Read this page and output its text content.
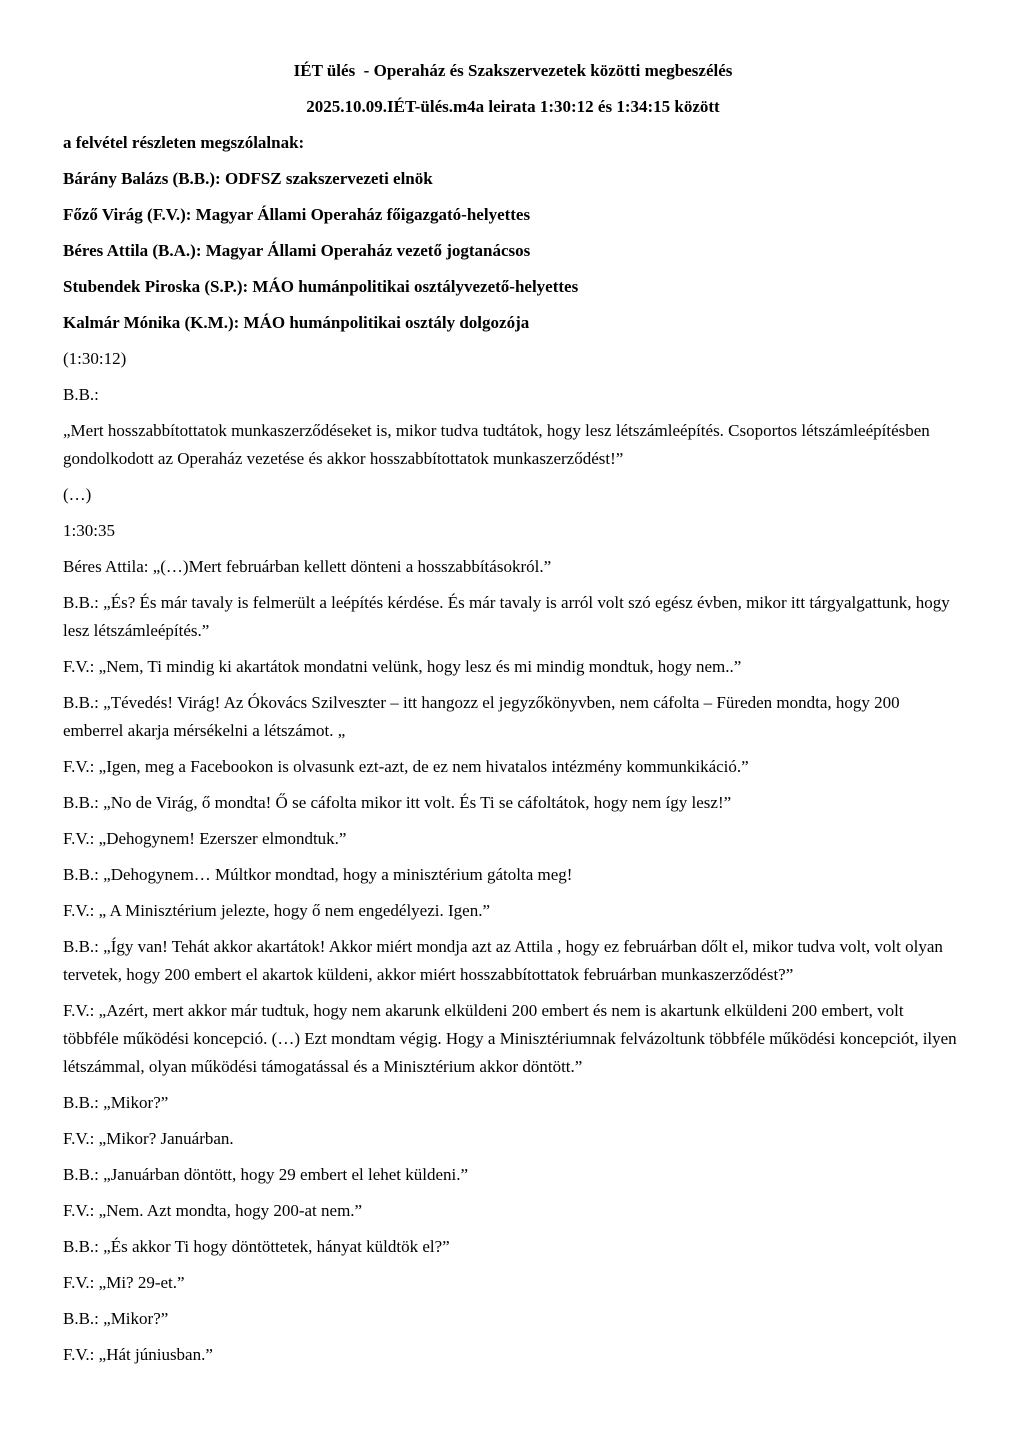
IÉT ülés  - Operaház és Szakszervezetek közötti megbeszélés

2025.10.09.IÉT-ülés.m4a leirata 1:30:12 és 1:34:15 között

a felvétel részleten megszólalnak:

Bárány Balázs (B.B.): ODFSZ szakszervezeti elnök

Főző Virág (F.V.): Magyar Állami Operaház főigazgató-helyettes

Béres Attila (B.A.): Magyar Állami Operaház vezető jogtanácsos

Stubendek Piroska (S.P.): MÁO humánpolitikai osztályvezető-helyettes

Kalmár Mónika (K.M.): MÁO humánpolitikai osztály dolgozója

(1:30:12)

B.B.:

„Mert hosszabbítottatok munkaszerződéseket is, mikor tudva tudtátok, hogy lesz létszámleépítés. Csoportos létszámleépítésben gondolkodott az Operaház vezetése és akkor hosszabbítottatok munkaszerződést!”

(…)

1:30:35

Béres Attila: „(…)Mert februárban kellett dönteni a hosszabbításokról.”

B.B.: „És? És már tavaly is felmerült a leépítés kérdése. És már tavaly is arról volt szó egész évben, mikor itt tárgyalgattunk, hogy lesz létszámleépítés.”

F.V.: „Nem, Ti mindig ki akartátok mondatni velünk, hogy lesz és mi mindig mondtuk, hogy nem..”

B.B.: „Tévedés! Virág! Az Ókovács Szilveszter – itt hangozz el jegyzőkönyvben, nem cáfolta – Füreden mondta, hogy 200 emberrel akarja mérsékelni a létszámot. „

F.V.: „Igen, meg a Facebookon is olvasunk ezt-azt, de ez nem hivatalos intézmény kommunkikáció.”

B.B.: „No de Virág, ő mondta! Ő se cáfolta mikor itt volt. És Ti se cáfoltátok, hogy nem így lesz!”

F.V.: „Dehogynem! Ezerszer elmondtuk.”

B.B.: „Dehogynem… Múltkor mondtad, hogy a minisztérium gátolta meg!

F.V.: „ A Minisztérium jelezte, hogy ő nem engedélyezi. Igen.”

B.B.: „Így van! Tehát akkor akartátok! Akkor miért mondja azt az Attila , hogy ez februárban dőlt el, mikor tudva volt, volt olyan tervetek, hogy 200 embert el akartok küldeni, akkor miért hosszabbítottatok februárban munkaszerződést?”

F.V.: „Azért, mert akkor már tudtuk, hogy nem akarunk elküldeni 200 embert és nem is akartunk elküldeni 200 embert, volt többféle működési koncepció. (…) Ezt mondtam végig. Hogy a Minisztériumnak felvázoltunk többféle működési koncepciót, ilyen létszámmal, olyan működési támogatással és a Minisztérium akkor döntött.”

B.B.: „Mikor?”

F.V.: „Mikor? Januárban.

B.B.: „Januárban döntött, hogy 29 embert el lehet küldeni.”

F.V.: „Nem. Azt mondta, hogy 200-at nem.”

B.B.: „És akkor Ti hogy döntöttetek, hányat küldtök el?”

F.V.: „Mi? 29-et.”

B.B.: „Mikor?”

F.V.: „Hát júniusban.”
